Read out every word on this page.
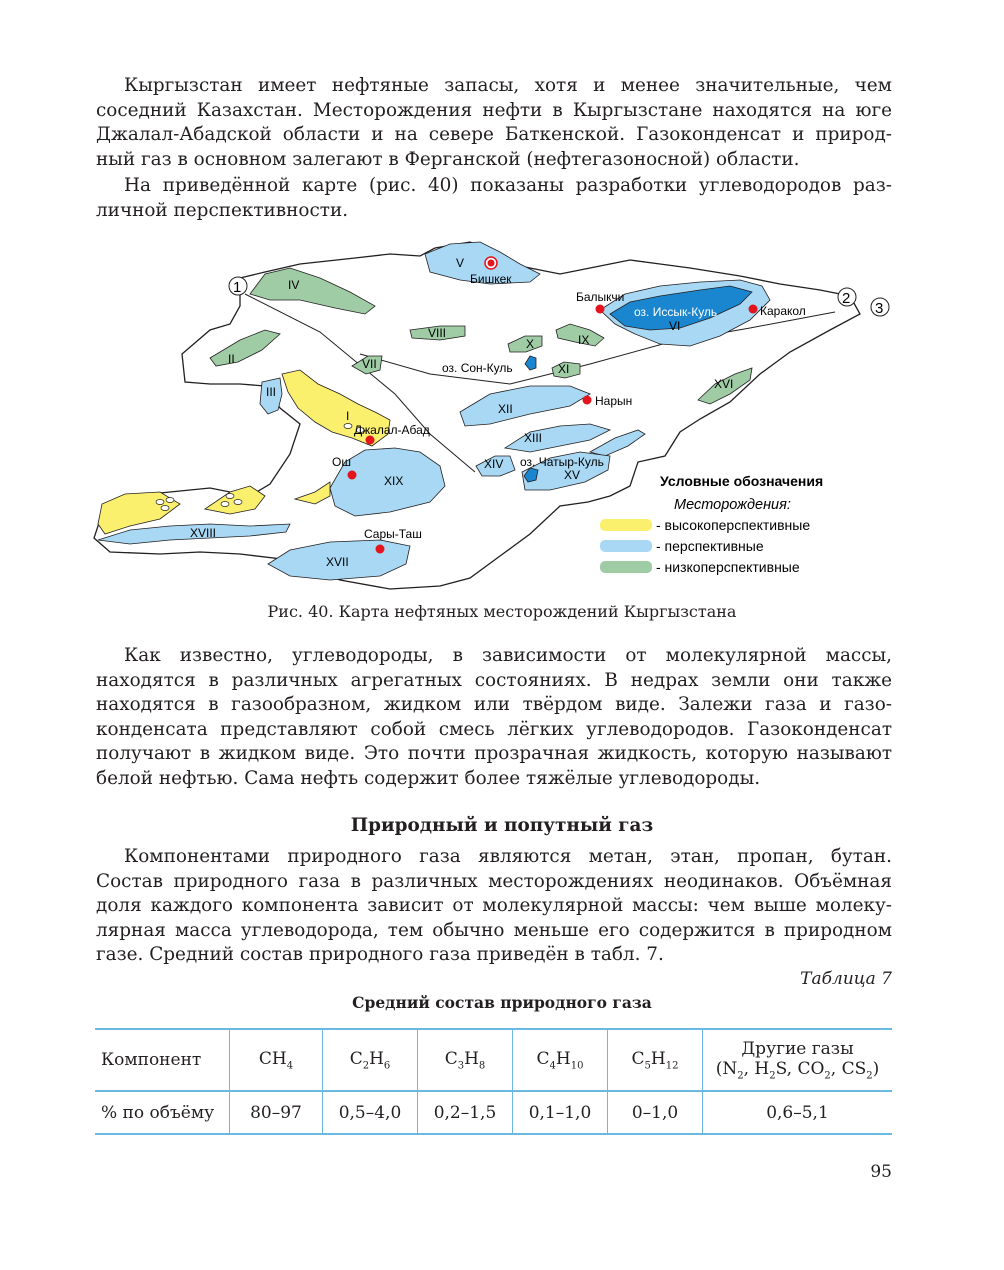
Кыргызстан имеет нефтяные запасы, хотя и менее значительные, чем
соседний Казахстан. Месторождения нефти в Кыргызстане находятся на юге
Джалал-Абадской области и на севере Баткенской. Газоконденсат и природ-
ный газ в основном залегают в Ферганской (нефтегазоносной) области.
На приведённой карте (рис. 40) показаны разработки углеводородов раз-
личной перспективности.
Бишкек
Балыкчи
Каракол
Нарын
Джалал-Абад
Ош
Сары-Таш
оз. Иссык-Куль
оз. Сон-Куль
оз. Чатыр-Куль
I
II
III
IV
V
VI
VII
VIII	IX
X
XI
XII
XIII
XIV
XV
XVI
XVII
XVIII
XIX
1
2
3
Условные обозначения
Месторождения:
- высокоперспективные
- перспективные
- низкоперспективные
Рис. 40. Карта нефтяных месторождений Кыргызстана
Как известно, углеводороды, в зависимости от молекулярной массы,
находятся в различных агрегатных состояниях. В недрах земли они также
находятся в газообразном, жидком или твёрдом виде. Залежи газа и газо-
конденсата представляют собой смесь лёгких углеводородов. Газоконденсат
получают в жидком виде. Это почти прозрачная жидкость, которую называют
белой нефтью. Сама нефть содержит более тяжёлые углеводороды.
Природный и попутный газ
Компонентами природного газа являются метан, этан, пропан, бутан.
Состав природного газа в различных месторождениях неодинаков. Объёмная
доля каждого компонента зависит от молекулярной массы: чем выше молеку-
лярная масса углеводорода, тем обычно меньше его содержится в природном
газе. Средний состав природного газа приведён в табл. 7.
Таблица 7
Средний состав природного газа
Компонент	$CH_4$	$C_2H_6$	$C_3H_8$	$C_4H_{10}$	$C_5H_{12}$	Другие газы
($N_2$, $H_2S$, $CO_2$, $CS_2$)

% по объёму	80–97	0,5–4,0	0,2–1,5	0,1–1,0	0–1,0	0,6–5,1
95
